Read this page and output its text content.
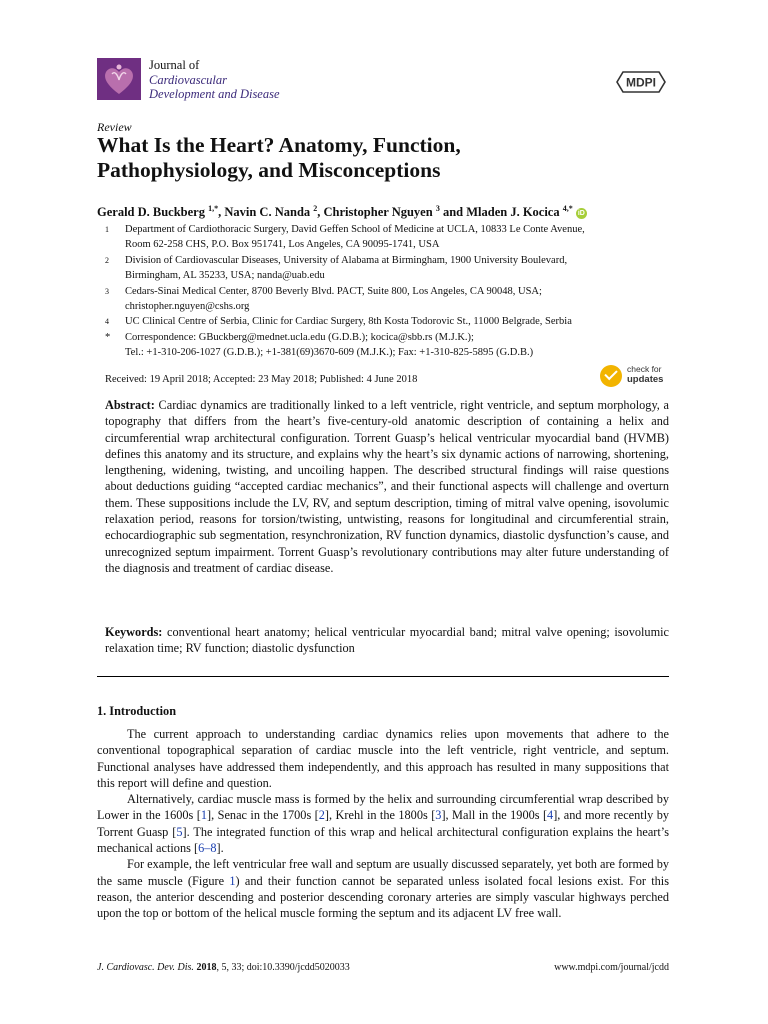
Journal of
Cardiovascular
Development and Disease
MDPI
Review
What Is the Heart? Anatomy, Function,
Pathophysiology, and Misconceptions
Gerald D. Buckberg $^{1,*}$, Navin C. Nanda $^2$, Christopher Nguyen $^3$ and Mladen J. Kocica $^{4,*}$ iD
1	Department of Cardiothoracic Surgery, David Geffen School of Medicine at UCLA, 10833 Le Conte Avenue,
Room 62-258 CHS, P.O. Box 951741, Los Angeles, CA 90095-1741, USA
2	Division of Cardiovascular Diseases, University of Alabama at Birmingham, 1900 University Boulevard,
Birmingham, AL 35233, USA; nanda@uab.edu
3	Cedars-Sinai Medical Center, 8700 Beverly Blvd. PACT, Suite 800, Los Angeles, CA 90048, USA;
christopher.nguyen@cshs.org
4	UC Clinical Centre of Serbia, Clinic for Cardiac Surgery, 8th Kosta Todorovic St., 11000 Belgrade, Serbia
*	Correspondence: GBuckberg@mednet.ucla.edu (G.D.B.); kocica@sbb.rs (M.J.K.);
Tel.: +1-310-206-1027 (G.D.B.); +1-381(69)3670-609 (M.J.K.); Fax: +1-310-825-5895 (G.D.B.)
Received: 19 April 2018; Accepted: 23 May 2018; Published: 4 June 2018
check for
updates
Abstract: Cardiac dynamics are traditionally linked to a left ventricle, right ventricle, and septum morphology, a topography that differs from the heart’s five-century-old anatomic description of containing a helix and circumferential wrap architectural configuration. Torrent Guasp’s helical ventricular myocardial band (HVMB) defines this anatomy and its structure, and explains why the heart’s six dynamic actions of narrowing, shortening, lengthening, widening, twisting, and uncoiling happen. The described structural findings will raise questions about deductions guiding “accepted cardiac mechanics”, and their functional aspects will challenge and overturn them. These suppositions include the LV, RV, and septum description, timing of mitral valve opening, isovolumic relaxation period, reasons for torsion/twisting, untwisting, reasons for longitudinal and circumferential strain, echocardiographic sub segmentation, resynchronization, RV function dynamics, diastolic dysfunction’s cause, and unrecognized septum impairment. Torrent Guasp’s revolutionary contributions may alter future understanding of the diagnosis and treatment of cardiac disease.
Keywords: conventional heart anatomy; helical ventricular myocardial band; mitral valve opening; isovolumic relaxation time; RV function; diastolic dysfunction
1. Introduction

The current approach to understanding cardiac dynamics relies upon movements that adhere to the conventional topographical separation of cardiac muscle into the left ventricle, right ventricle, and septum. Functional analyses have addressed them independently, and this approach has resulted in many suppositions that this report will define and question.

Alternatively, cardiac muscle mass is formed by the helix and surrounding circumferential wrap described by Lower in the 1600s [1], Senac in the 1700s [2], Krehl in the 1800s [3], Mall in the 1900s [4], and more recently by Torrent Guasp [5]. The integrated function of this wrap and helical architectural configuration explains the heart’s mechanical actions [6–8].

For example, the left ventricular free wall and septum are usually discussed separately, yet both are formed by the same muscle (Figure 1) and their function cannot be separated unless isolated focal lesions exist. For this reason, the anterior descending and posterior descending coronary arteries are simply vascular highways perched upon the top or bottom of the helical muscle forming the septum and its adjacent LV free wall.

J. Cardiovasc. Dev. Dis. 2018, 5, 33; doi:10.3390/jcdd5020033	www.mdpi.com/journal/jcdd
